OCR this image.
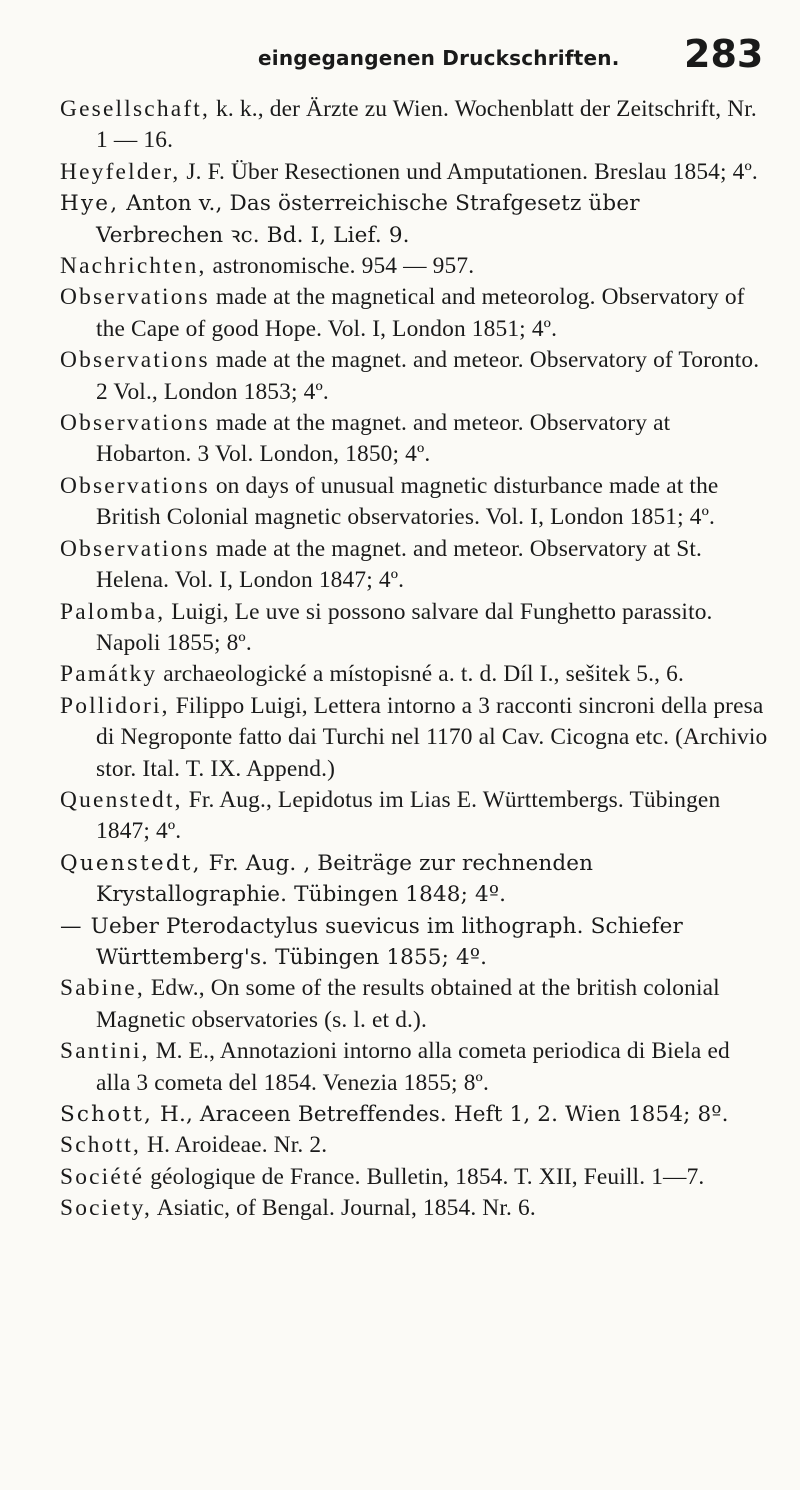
eingegangenen Druckschriften. 283

Gesellschaft, k. k., der Ärzte zu Wien. Wochenblatt der Zeitschrift, Nr. 1 — 16.

Heyfelder, J. F. Über Resectionen und Amputationen. Breslau 1854; 4º.

Hye, Anton v., Das österreichische Strafgesetz über Verbrechen ꝛc. Bd. I, Lief. 9.

Nachrichten, astronomische. 954 — 957.

Observations made at the magnetical and meteorolog. Observatory of the Cape of good Hope. Vol. I, London 1851; 4º.

Observations made at the magnet. and meteor. Observatory of Toronto. 2 Vol., London 1853; 4º.

Observations made at the magnet. and meteor. Observatory at Hobarton. 3 Vol. London, 1850; 4º.

Observations on days of unusual magnetic disturbance made at the British Colonial magnetic observatories. Vol. I, London 1851; 4º.

Observations made at the magnet. and meteor. Observatory at St. Helena. Vol. I, London 1847; 4º.

Palomba, Luigi, Le uve si possono salvare dal Funghetto parassito. Napoli 1855; 8º.

Památky archaeologické a místopisné a. t. d. Díl I., sešitek 5., 6.

Pollidori, Filippo Luigi, Lettera intorno a 3 racconti sincroni della presa di Negroponte fatto dai Turchi nel 1170 al Cav. Cicogna etc. (Archivio stor. Ital. T. IX. Append.)

Quenstedt, Fr. Aug., Lepidotus im Lias E. Württembergs. Tübingen 1847; 4º.

Quenstedt, Fr. Aug. , Beiträge zur rechnenden Krystallographie. Tübingen 1848; 4º.

— Ueber Pterodactylus suevicus im lithograph. Schiefer Württemberg's. Tübingen 1855; 4º.

Sabine, Edw., On some of the results obtained at the british colonial Magnetic observatories (s. l. et d.).

Santini, M. E., Annotazioni intorno alla cometa periodica di Biela ed alla 3 cometa del 1854. Venezia 1855; 8º.

Schott, H., Araceen Betreffendes. Heft 1, 2. Wien 1854; 8º.

Schott, H. Aroideae. Nr. 2.

Société géologique de France. Bulletin, 1854. T. XII, Feuill. 1—7.

Society, Asiatic, of Bengal. Journal, 1854. Nr. 6.
